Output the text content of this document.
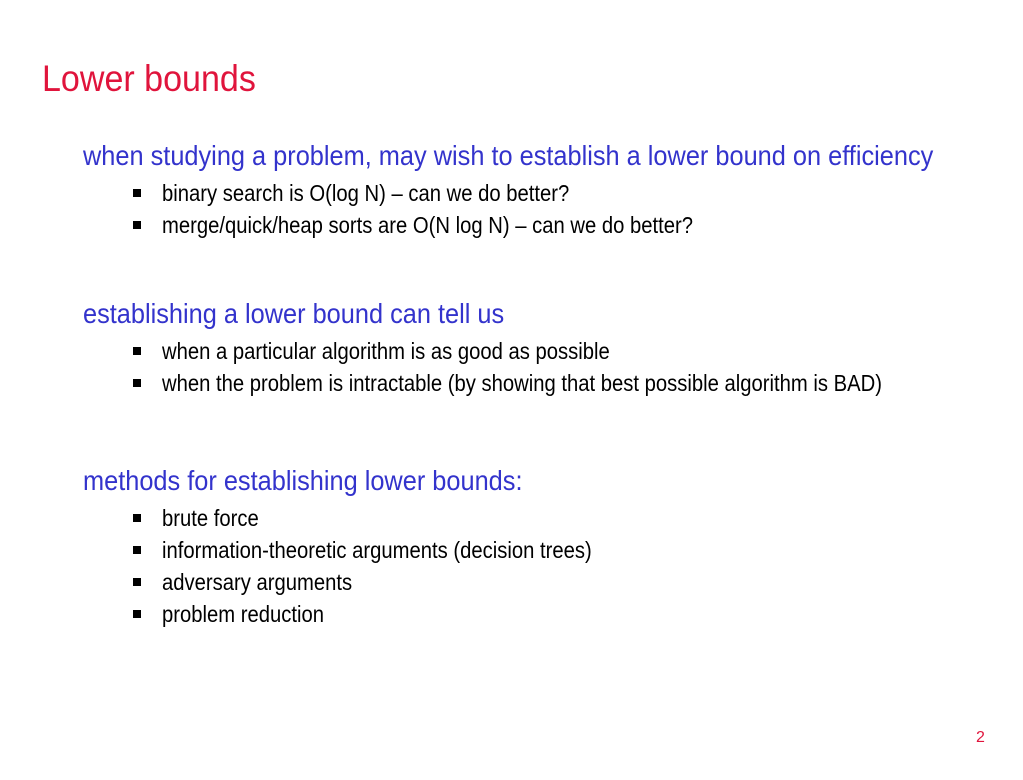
Lower bounds
when studying a problem, may wish to establish a lower bound on efficiency
binary search is O(log N) – can we do better?
merge/quick/heap sorts are O(N log N) – can we do better?
establishing a lower bound can tell us
when a particular algorithm is as good as possible
when the problem is intractable (by showing that best possible algorithm is BAD)
methods for establishing lower bounds:
brute force
information-theoretic arguments (decision trees)
adversary arguments
problem reduction
2
